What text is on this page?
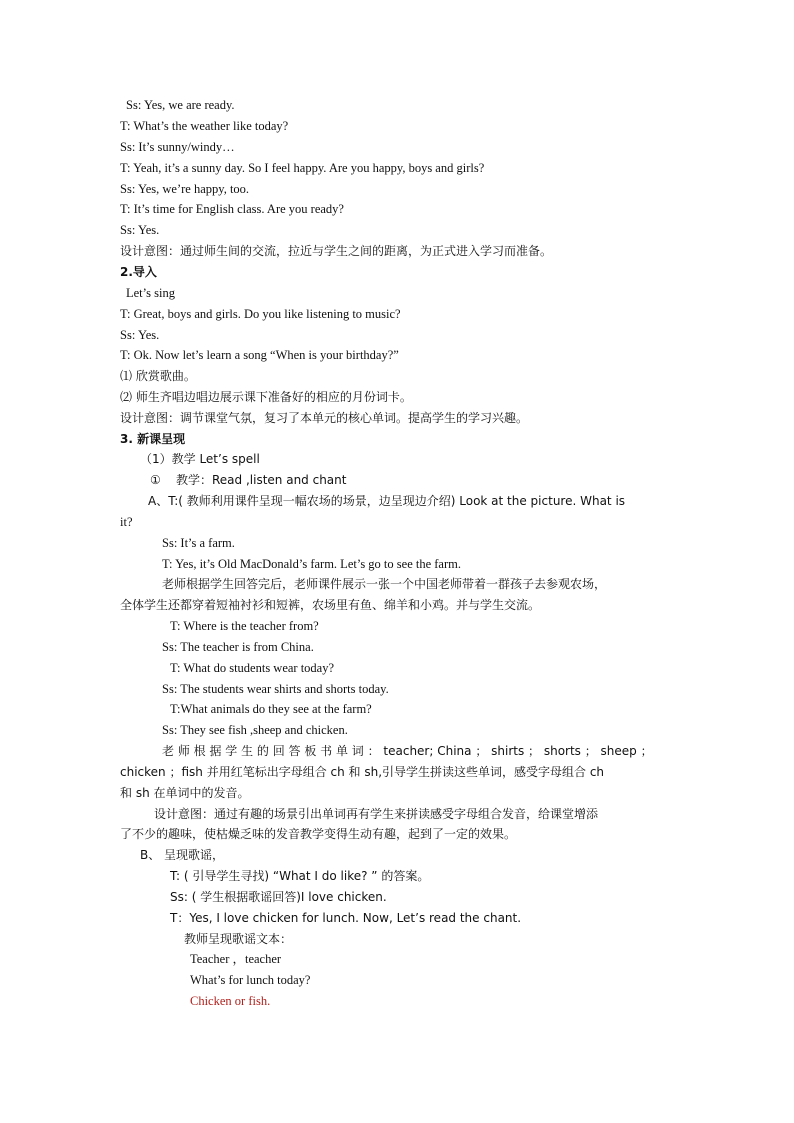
Ss: Yes, we are ready.
T: What’s the weather like today?
Ss: It’s sunny/windy…
T: Yeah, it’s a sunny day. So I feel happy. Are you happy, boys and girls?
Ss: Yes, we’re happy, too.
T: It’s time for English class. Are you ready?
Ss: Yes.
设计意图：通过师生间的交流，拉近与学生之间的距离，为正式进入学习而准备。
2.导入
Let’s sing
T: Great, boys and girls. Do you like listening to music?
Ss: Yes.
T: Ok. Now let’s learn a song “When is your birthday?”
⑴ 欣赏歌曲。
⑵ 师生齐唱边唱边展示课下准备好的相应的月份词卡。
设计意图：调节课堂气氛，复习了本单元的核心单词。提高学生的学习兴趣。
3. 新课呈现
（1）教学 Let’s spell
① 教学：Read ,listen and chant
A、T:( 教师利用课件呈现一幅农场的场景，边呈现边介绍) Look at the picture. What is
it?
Ss: It’s a farm.
T: Yes, it’s Old MacDonald’s farm. Let’s go to see the farm.
老师根据学生回答完后，老师课件展示一张一个中国老师带着一群孩子去参观农场，
全体学生还都穿着短袖衬衫和短裤，农场里有鱼、绵羊和小鸡。并与学生交流。
T: Where is the teacher from?
Ss: The teacher is from China.
T: What do students wear today?
Ss: The students wear shirts and shorts today.
T:What animals do they see at the farm?
Ss: They see fish ,sheep and chicken.
老 师 根 据 学 生 的 回 答 板 书 单 词 ： teacher; China ； shirts ； shorts ； sheep ；
chicken ；fish 并用红笔标出字母组合 ch 和 sh,引导学生拼读这些单词，感受字母组合 ch
和 sh 在单词中的发音。
设计意图：通过有趣的场景引出单词再有学生来拼读感受字母组合发音，给课堂增添
了不少的趣味，使枯燥乏味的发音教学变得生动有趣，起到了一定的效果。
B、 呈现歌谣，
T: ( 引导学生寻找) “What I do like? ” 的答案。
Ss: ( 学生根据歌谣回答)I love chicken.
T：Yes, I love chicken for lunch. Now, Let’s read the chant.
教师呈现歌谣文本：
Teacher ，teacher
What’s for lunch today?
Chicken or fish.
